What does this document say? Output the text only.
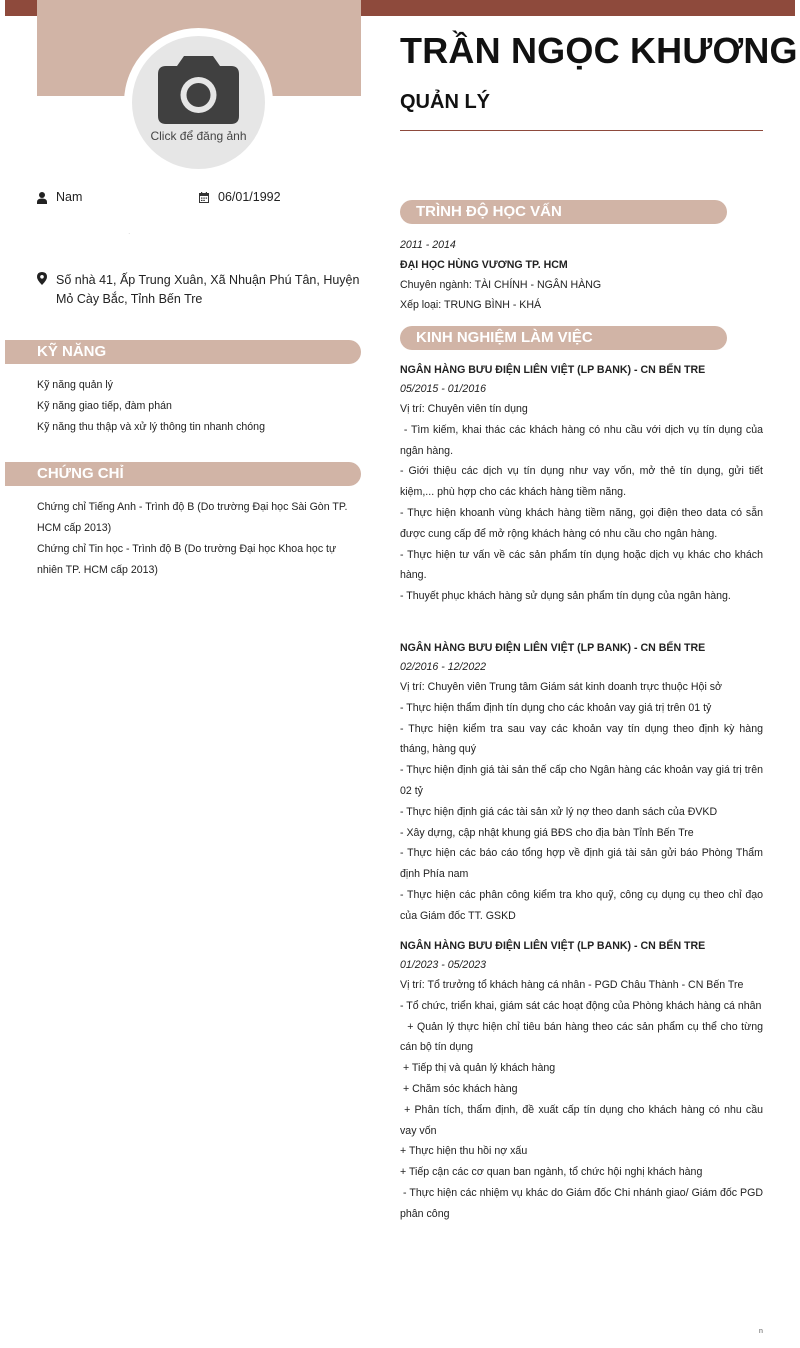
Click để đăng ảnh
Nam	06/01/1992
.
Số nhà 41, Ấp Trung Xuân, Xã Nhuận Phú Tân, Huyện Mỏ Cày Bắc, Tỉnh Bến Tre
KỸ NĂNG
Kỹ năng quản lý
Kỹ năng giao tiếp, đàm phán
Kỹ năng thu thập và xử lý thông tin nhanh chóng
CHỨNG CHỈ
Chứng chỉ Tiếng Anh - Trình độ B (Do trường Đại học Sài Gòn TP. HCM cấp 2013)
Chứng chỉ Tin học - Trình độ B (Do trường Đại học Khoa học tự nhiên TP. HCM cấp 2013)
TRẦN NGỌC KHƯƠNG
QUẢN LÝ
TRÌNH ĐỘ HỌC VẤN
2011 - 2014
ĐẠI HỌC HÙNG VƯƠNG TP. HCM
Chuyên ngành: TÀI CHÍNH - NGÂN HÀNG
Xếp loại: TRUNG BÌNH - KHÁ
KINH NGHIỆM LÀM VIỆC
NGÂN HÀNG BƯU ĐIỆN LIÊN VIỆT (LP BANK) - CN BẾN TRE
05/2015 - 01/2016
Vị trí: Chuyên viên tín dụng
- Tìm kiếm, khai thác các khách hàng có nhu cầu với dịch vụ tín dụng của ngân hàng.
- Giới thiệu các dịch vụ tín dụng như vay vốn, mở thẻ tín dụng, gửi tiết kiệm,... phù hợp cho các khách hàng tiềm năng.
- Thực hiện khoanh vùng khách hàng tiềm năng, gọi điện theo data có sẵn được cung cấp để mở rộng khách hàng có nhu cầu cho ngân hàng.
- Thực hiện tư vấn về các sản phẩm tín dụng hoặc dịch vụ khác cho khách hàng.
- Thuyết phục khách hàng sử dụng sản phẩm tín dụng của ngân hàng.
NGÂN HÀNG BƯU ĐIỆN LIÊN VIỆT (LP BANK) - CN BẾN TRE
02/2016 - 12/2022
Vị trí: Chuyên viên Trung tâm Giám sát kinh doanh trực thuộc Hội sở
- Thực hiện thẩm định tín dụng cho các khoản vay giá trị trên 01 tỷ
- Thực hiện kiểm tra sau vay các khoản vay tín dụng theo định kỳ hàng tháng, hàng quý
- Thực hiện định giá tài sản thế cấp cho Ngân hàng các khoản vay giá trị trên 02 tỷ
- Thực hiện định giá các tài sản xử lý nợ theo danh sách của ĐVKD
- Xây dựng, cập nhật khung giá BĐS cho địa bàn Tỉnh Bến Tre
- Thực hiện các báo cáo tổng hợp về định giá tài sản gửi báo Phòng Thẩm định Phía nam
- Thực hiện các phân công kiểm tra kho quỹ, công cụ dụng cụ theo chỉ đạo của Giám đốc TT. GSKD
NGÂN HÀNG BƯU ĐIỆN LIÊN VIỆT (LP BANK) - CN BẾN TRE
01/2023 - 05/2023
Vị trí: Tổ trưởng tổ khách hàng cá nhân - PGD Châu Thành - CN Bến Tre
- Tổ chức, triển khai, giám sát các hoạt động của Phòng khách hàng cá nhân
+ Quản lý thực hiện chỉ tiêu bán hàng theo các sản phẩm cụ thể cho từng cán bộ tín dụng
+ Tiếp thị và quản lý khách hàng
+ Chăm sóc khách hàng
+ Phân tích, thẩm định, đề xuất cấp tín dụng cho khách hàng có nhu cầu vay vốn
+ Thực hiện thu hồi nợ xấu
+ Tiếp cận các cơ quan ban ngành, tổ chức hội nghị khách hàng
- Thực hiện các nhiệm vụ khác do Giám đốc Chi nhánh giao/ Giám đốc PGD phân công
n
